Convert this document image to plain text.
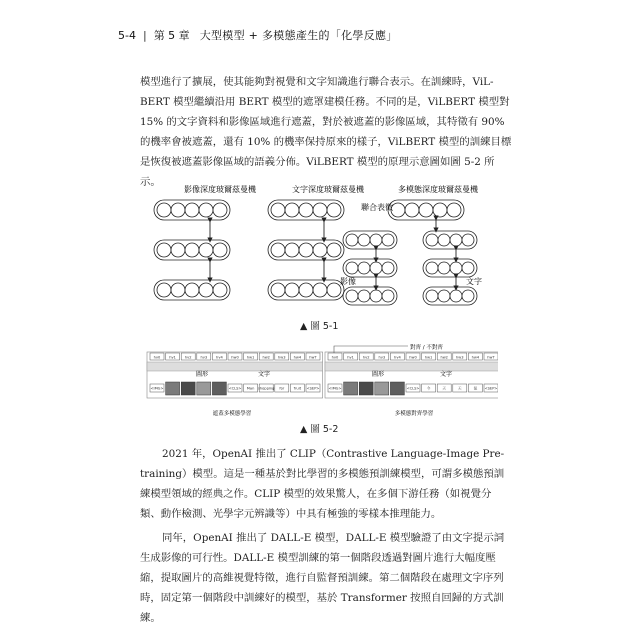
5-4 | 第 5 章 大型模型 + 多模態產生的「化學反應」

模型進行了擴展，使其能夠對視覺和文字知識進行聯合表示。在訓練時，ViL-BERT 模型繼續沿用 BERT 模型的遮罩建模任務。不同的是，ViLBERT 模型對 15% 的文字資料和影像區域進行遮蓋，對於被遮蓋的影像區域，其特徵有 90% 的機率會被遮蓋，還有 10% 的機率保持原來的樣子，ViLBERT 模型的訓練目標是恢復被遮蓋影像區域的語義分佈。ViLBERT 模型的原理示意圖如圖 5-2 所示。

影像深度玻爾茲曼機	文字深度玻爾茲曼機	多模態深度玻爾茲曼機
聯合表徵
影像	文字
▲ 圖 5-1
hv0 hv1 hv2 hv3 hv4 hw0 hw1 hw2 hw3 hw4 hwT
<IMG>	<CLS> Man shopping for	fruit <SEP>
hv0 hv1 hv2 hv3 hv4 hw0 hw1 hw2 hw3 hw4 hwT
<IMG>	<CLS> 今	天	天	氣 <SEP>
圖形	文字
遮蓋多模態學習
圖形	文字
多模態對齊學習
對齊 / 不對齊
▲ 圖 5-2

2021 年，OpenAI 推出了 CLIP（Contrastive Language-Image Pre-training）模型。這是一種基於對比學習的多模態預訓練模型，可謂多模態預訓練模型領域的經典之作。CLIP 模型的效果驚人，在多個下游任務（如視覺分類、動作檢測、光學字元辨識等）中具有極強的零樣本推理能力。

同年，OpenAI 推出了 DALL-E 模型，DALL-E 模型驗證了由文字提示詞生成影像的可行性。DALL-E 模型訓練的第一個階段透過對圖片進行大幅度壓縮，提取圖片的高維視覺特徵，進行自監督預訓練。第二個階段在處理文字序列時，固定第一個階段中訓練好的模型，基於 Transformer 按照自回歸的方式訓練。
